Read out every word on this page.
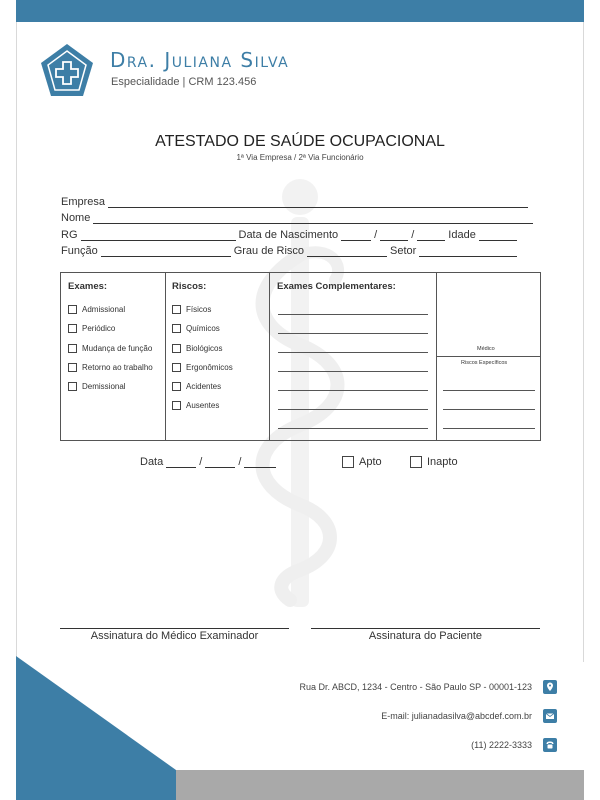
Dra. Juliana Silva
Especialidade | CRM 123.456
ATESTADO DE SAÚDE OCUPACIONAL
1ª Via Empresa / 2ª Via Funcionário
Empresa
Nome
RG	Data de Nascimento	/	/	Idade
Função	Grau de Risco	Setor
Exames:
Admissional
Periódico
Mudança de função
Retorno ao trabalho
Demissional
Riscos:
Físicos
Químicos
Biológicos
Ergonômicos
Acidentes
Ausentes
Exames Complementares:
Médico
Riscos Específicos
Data	/	/	Apto	Inapto
Assinatura do Médico Examinador	Assinatura do Paciente
Rua Dr. ABCD, 1234 - Centro - São Paulo SP - 00001-123
E-mail: julianadasilva@abcdef.com.br
(11) 2222-3333
